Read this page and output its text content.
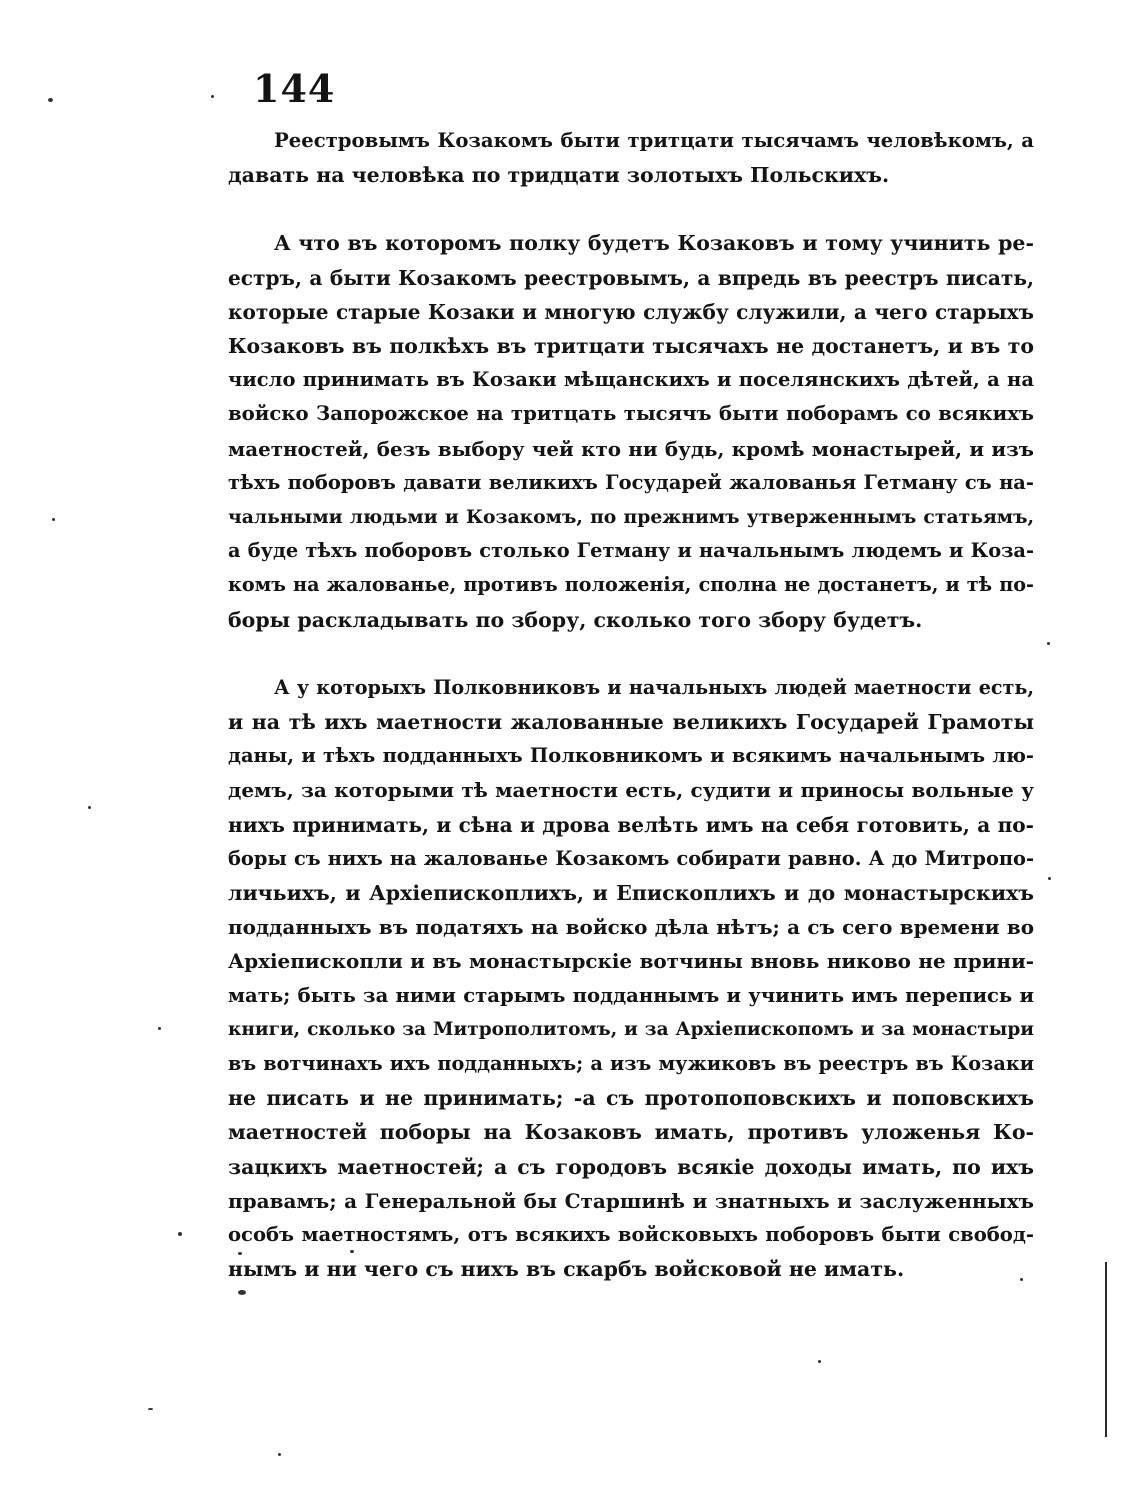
144
Реестровымъ Козакомъ быти тритцати тысячамъ человѣкомъ, а
давать на человѣка по тридцати золотыхъ Польскихъ.
А что въ которомъ полку будетъ Козаковъ и тому учинить ре-
естръ, а быти Козакомъ реестровымъ, а впредь въ реестръ писать,
которые старые Козаки и многую службу служили, а чего старыхъ
Козаковъ въ полкѣхъ въ тритцати тысячахъ не достанетъ, и въ то
число принимать въ Козаки мѣщанскихъ и поселянскихъ дѣтей, а на
войско Запорожское на тритцать тысячъ быти поборамъ со всякихъ
маетностей, безъ выбору чей кто ни будь, кромѣ монастырей, и изъ
тѣхъ поборовъ давати великихъ Государей жалованья Гетману съ на-
чальными людьми и Козакомъ, по прежнимъ утверженнымъ статьямъ,
а буде тѣхъ поборовъ столько Гетману и начальнымъ людемъ и Коза-
комъ на жалованье, противъ положенія, сполна не достанетъ, и тѣ по-
боры раскладывать по збору, сколько того збору будетъ.
А у которыхъ Полковниковъ и начальныхъ людей маетности есть,
и на тѣ ихъ маетности жалованные великихъ Государей Грамоты
даны, и тѣхъ подданныхъ Полковникомъ и всякимъ начальнымъ лю-
демъ, за которыми тѣ маетности есть, судити и приносы вольные у
нихъ принимать, и сѣна и дрова велѣть имъ на себя готовить, а по-
боры съ нихъ на жалованье Козакомъ собирати равно. А до Митропо-
личьихъ, и Архіепископлихъ, и Епископлихъ и до монастырскихъ
подданныхъ въ податяхъ на войско дѣла нѣтъ; а съ сего времени во
Архіепископли и въ монастырскіе вотчины вновь никово не прини-
мать; быть за ними старымъ подданнымъ и учинить имъ перепись и
книги, сколько за Митрополитомъ, и за Архіепископомъ и за монастыри
въ вотчинахъ ихъ подданныхъ; а изъ мужиковъ въ реестръ въ Козаки
не писать и не принимать; -а съ протопоповскихъ и поповскихъ
маетностей поборы на Козаковъ имать, противъ уложенья Ко-
зацкихъ маетностей; а съ городовъ всякіе доходы имать, по ихъ
правамъ; а Генеральной бы Старшинѣ и знатныхъ и заслуженныхъ
особъ маетностямъ, отъ всякихъ войсковыхъ поборовъ быти свобод-
нымъ и ни чего съ нихъ въ скарбъ войсковой не имать.
